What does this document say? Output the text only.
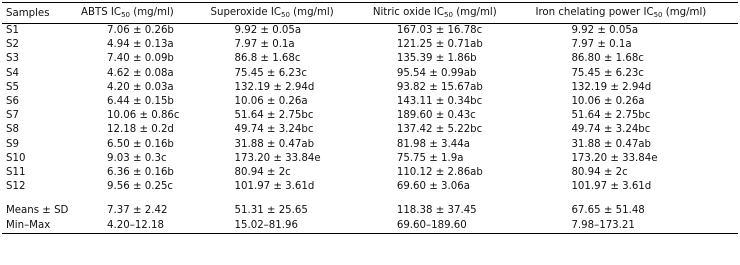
Samples	ABTS $IC_{50}$ (mg/ml)	Superoxide $IC_{50}$ (mg/ml)	Nitric oxide $IC_{50}$ (mg/ml)	Iron chelating power $IC_{50}$ (mg/ml)
S1	7.06 ± 0.26b	9.92 ± 0.05a	167.03 ± 16.78c	9.92 ± 0.05a
S2	4.94 ± 0.13a	7.97 ± 0.1a	121.25 ± 0.71ab	7.97 ± 0.1a
S3	7.40 ± 0.09b	86.8 ± 1.68c	135.39 ± 1.86b	86.80 ± 1.68c
S4	4.62 ± 0.08a	75.45 ± 6.23c	95.54 ± 0.99ab	75.45 ± 6.23c
S5	4.20 ± 0.03a	132.19 ± 2.94d	93.82 ± 15.67ab	132.19 ± 2.94d
S6	6.44 ± 0.15b	10.06 ± 0.26a	143.11 ± 0.34bc	10.06 ± 0.26a
S7	10.06 ± 0.86c	51.64 ± 2.75bc	189.60 ± 0.43c	51.64 ± 2.75bc
S8	12.18 ± 0.2d	49.74 ± 3.24bc	137.42 ± 5.22bc	49.74 ± 3.24bc
S9	6.50 ± 0.16b	31.88 ± 0.47ab	81.98 ± 3.44a	31.88 ± 0.47ab
S10	9.03 ± 0.3c	173.20 ± 33.84e	75.75 ± 1.9a	173.20 ± 33.84e
S11	6.36 ± 0.16b	80.94 ± 2c	110.12 ± 2.86ab	80.94 ± 2c
S12	9.56 ± 0.25c	101.97 ± 3.61d	69.60 ± 3.06a	101.97 ± 3.61d

Means ± SD	7.37 ± 2.42	51.31 ± 25.65	118.38 ± 37.45	67.65 ± 51.48
Min–Max	4.20–12.18	15.02–81.96	69.60–189.60	7.98–173.21
